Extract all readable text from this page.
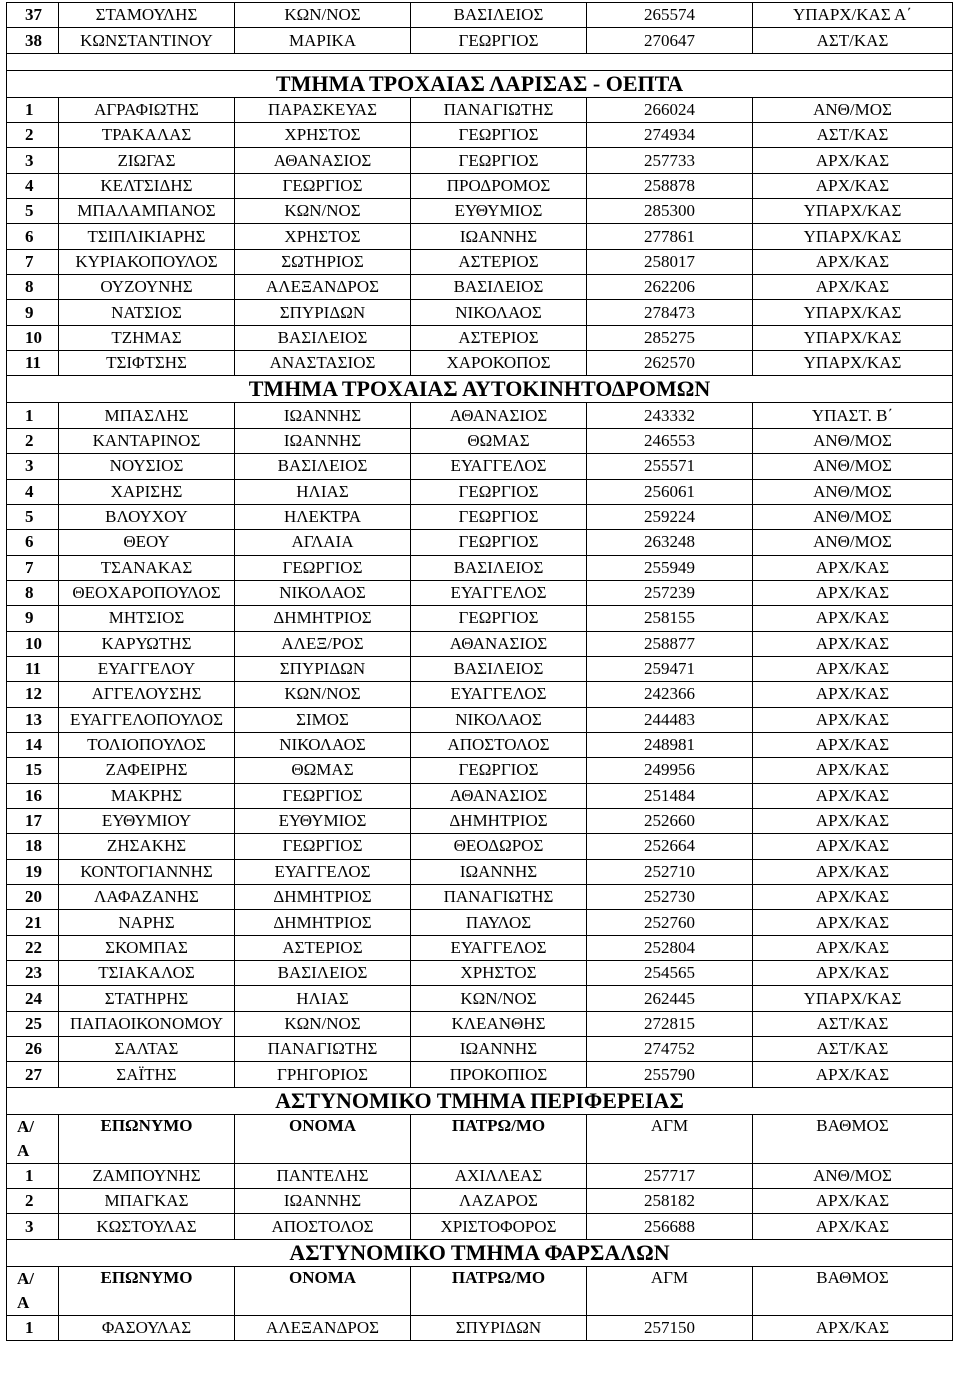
37	ΣΤΑΜΟΥΛΗΣ	ΚΩΝ/ΝΟΣ	ΒΑΣΙΛΕΙΟΣ	265574	ΥΠΑΡΧ/ΚΑΣ Α΄
38	ΚΩΝΣΤΑΝΤΙΝΟΥ	ΜΑΡΙΚΑ	ΓΕΩΡΓΙΟΣ	270647	ΑΣΤ/ΚΑΣ

ΤΜΗΜΑ ΤΡΟΧΑΙΑΣ ΛΑΡΙΣΑΣ - ΟΕΠΤΑ					
1	ΑΓΡΑΦΙΩΤΗΣ	ΠΑΡΑΣΚΕΥΑΣ	ΠΑΝΑΓΙΩΤΗΣ	266024	ΑΝΘ/ΜΟΣ
2	ΤΡΑΚΑΛΑΣ	ΧΡΗΣΤΟΣ	ΓΕΩΡΓΙΟΣ	274934	ΑΣΤ/ΚΑΣ
3	ΖΙΩΓΑΣ	ΑΘΑΝΑΣΙΟΣ	ΓΕΩΡΓΙΟΣ	257733	ΑΡΧ/ΚΑΣ
4	ΚΕΛΤΣΙΔΗΣ	ΓΕΩΡΓΙΟΣ	ΠΡΟΔΡΟΜΟΣ	258878	ΑΡΧ/ΚΑΣ
5	ΜΠΑΛΑΜΠΑΝΟΣ	ΚΩΝ/ΝΟΣ	ΕΥΘΥΜΙΟΣ	285300	ΥΠΑΡΧ/ΚΑΣ
6	ΤΣΙΠΛΙΚΙΑΡΗΣ	ΧΡΗΣΤΟΣ	ΙΩΑΝΝΗΣ	277861	ΥΠΑΡΧ/ΚΑΣ
7	ΚΥΡΙΑΚΟΠΟΥΛΟΣ	ΣΩΤΗΡΙΟΣ	ΑΣΤΕΡΙΟΣ	258017	ΑΡΧ/ΚΑΣ
8	ΟΥΖΟΥΝΗΣ	ΑΛΕΞΑΝΔΡΟΣ	ΒΑΣΙΛΕΙΟΣ	262206	ΑΡΧ/ΚΑΣ
9	ΝΑΤΣΙΟΣ	ΣΠΥΡΙΔΩΝ	ΝΙΚΟΛΑΟΣ	278473	ΥΠΑΡΧ/ΚΑΣ
10	ΤΖΗΜΑΣ	ΒΑΣΙΛΕΙΟΣ	ΑΣΤΕΡΙΟΣ	285275	ΥΠΑΡΧ/ΚΑΣ
11	ΤΣΙΦΤΣΗΣ	ΑΝΑΣΤΑΣΙΟΣ	ΧΑΡΟΚΟΠΟΣ	262570	ΥΠΑΡΧ/ΚΑΣ
ΤΜΗΜΑ ΤΡΟΧΑΙΑΣ ΑΥΤΟΚΙΝΗΤΟΔΡΟΜΩΝ					
1	ΜΠΑΣΛΗΣ	ΙΩΑΝΝΗΣ	ΑΘΑΝΑΣΙΟΣ	243332	ΥΠΑΣΤ. Β΄
2	ΚΑΝΤΑΡΙΝΟΣ	ΙΩΑΝΝΗΣ	ΘΩΜΑΣ	246553	ΑΝΘ/ΜΟΣ
3	ΝΟΥΣΙΟΣ	ΒΑΣΙΛΕΙΟΣ	ΕΥΑΓΓΕΛΟΣ	255571	ΑΝΘ/ΜΟΣ
4	ΧΑΡΙΣΗΣ	ΗΛΙΑΣ	ΓΕΩΡΓΙΟΣ	256061	ΑΝΘ/ΜΟΣ
5	ΒΛΟΥΧΟΥ	ΗΛΕΚΤΡΑ	ΓΕΩΡΓΙΟΣ	259224	ΑΝΘ/ΜΟΣ
6	ΘΕΟΥ	ΑΓΛΑΙΑ	ΓΕΩΡΓΙΟΣ	263248	ΑΝΘ/ΜΟΣ
7	ΤΣΑΝΑΚΑΣ	ΓΕΩΡΓΙΟΣ	ΒΑΣΙΛΕΙΟΣ	255949	ΑΡΧ/ΚΑΣ
8	ΘΕΟΧΑΡΟΠΟΥΛΟΣ	ΝΙΚΟΛΑΟΣ	ΕΥΑΓΓΕΛΟΣ	257239	ΑΡΧ/ΚΑΣ
9	ΜΗΤΣΙΟΣ	ΔΗΜΗΤΡΙΟΣ	ΓΕΩΡΓΙΟΣ	258155	ΑΡΧ/ΚΑΣ
10	ΚΑΡΥΩΤΗΣ	ΑΛΕΞ/ΡΟΣ	ΑΘΑΝΑΣΙΟΣ	258877	ΑΡΧ/ΚΑΣ
11	ΕΥΑΓΓΕΛΟΥ	ΣΠΥΡΙΔΩΝ	ΒΑΣΙΛΕΙΟΣ	259471	ΑΡΧ/ΚΑΣ
12	ΑΓΓΕΛΟΥΣΗΣ	ΚΩΝ/ΝΟΣ	ΕΥΑΓΓΕΛΟΣ	242366	ΑΡΧ/ΚΑΣ
13	ΕΥΑΓΓΕΛΟΠΟΥΛΟΣ	ΣΙΜΟΣ	ΝΙΚΟΛΑΟΣ	244483	ΑΡΧ/ΚΑΣ
14	ΤΟΛΙΟΠΟΥΛΟΣ	ΝΙΚΟΛΑΟΣ	ΑΠΟΣΤΟΛΟΣ	248981	ΑΡΧ/ΚΑΣ
15	ΖΑΦΕΙΡΗΣ	ΘΩΜΑΣ	ΓΕΩΡΓΙΟΣ	249956	ΑΡΧ/ΚΑΣ
16	ΜΑΚΡΗΣ	ΓΕΩΡΓΙΟΣ	ΑΘΑΝΑΣΙΟΣ	251484	ΑΡΧ/ΚΑΣ
17	ΕΥΘΥΜΙΟΥ	ΕΥΘΥΜΙΟΣ	ΔΗΜΗΤΡΙΟΣ	252660	ΑΡΧ/ΚΑΣ
18	ΖΗΣΑΚΗΣ	ΓΕΩΡΓΙΟΣ	ΘΕΟΔΩΡΟΣ	252664	ΑΡΧ/ΚΑΣ
19	ΚΟΝΤΟΓΙΑΝΝΗΣ	ΕΥΑΓΓΕΛΟΣ	ΙΩΑΝΝΗΣ	252710	ΑΡΧ/ΚΑΣ
20	ΛΑΦΑΖΑΝΗΣ	ΔΗΜΗΤΡΙΟΣ	ΠΑΝΑΓΙΩΤΗΣ	252730	ΑΡΧ/ΚΑΣ
21	ΝΑΡΗΣ	ΔΗΜΗΤΡΙΟΣ	ΠΑΥΛΟΣ	252760	ΑΡΧ/ΚΑΣ
22	ΣΚΟΜΠΑΣ	ΑΣΤΕΡΙΟΣ	ΕΥΑΓΓΕΛΟΣ	252804	ΑΡΧ/ΚΑΣ
23	ΤΣΙΑΚΑΛΟΣ	ΒΑΣΙΛΕΙΟΣ	ΧΡΗΣΤΟΣ	254565	ΑΡΧ/ΚΑΣ
24	ΣΤΑΤΗΡΗΣ	ΗΛΙΑΣ	ΚΩΝ/ΝΟΣ	262445	ΥΠΑΡΧ/ΚΑΣ
25	ΠΑΠΑΟΙΚΟΝΟΜΟΥ	ΚΩΝ/ΝΟΣ	ΚΛΕΑΝΘΗΣ	272815	ΑΣΤ/ΚΑΣ
26	ΣΑΛΤΑΣ	ΠΑΝΑΓΙΩΤΗΣ	ΙΩΑΝΝΗΣ	274752	ΑΣΤ/ΚΑΣ
27	ΣΑΪΤΗΣ	ΓΡΗΓΟΡΙΟΣ	ΠΡΟΚΟΠΙΟΣ	255790	ΑΡΧ/ΚΑΣ
ΑΣΤΥΝΟΜΙΚΟ ΤΜΗΜΑ ΠΕΡΙΦΕΡΕΙΑΣ					
Α/
Α	ΕΠΩΝΥΜΟ	ΟΝΟΜΑ	ΠΑΤΡΩ/ΜΟ	ΑΓΜ	ΒΑΘΜΟΣ
1	ΖΑΜΠΟΥΝΗΣ	ΠΑΝΤΕΛΗΣ	ΑΧΙΛΛΕΑΣ	257717	ΑΝΘ/ΜΟΣ
2	ΜΠΑΓΚΑΣ	ΙΩΑΝΝΗΣ	ΛΑΖΑΡΟΣ	258182	ΑΡΧ/ΚΑΣ
3	ΚΩΣΤΟΥΛΑΣ	ΑΠΟΣΤΟΛΟΣ	ΧΡΙΣΤΟΦΟΡΟΣ	256688	ΑΡΧ/ΚΑΣ
ΑΣΤΥΝΟΜΙΚΟ ΤΜΗΜΑ ΦΑΡΣΑΛΩΝ					
Α/
Α	ΕΠΩΝΥΜΟ	ΟΝΟΜΑ	ΠΑΤΡΩ/ΜΟ	ΑΓΜ	ΒΑΘΜΟΣ
1	ΦΑΣΟΥΛΑΣ	ΑΛΕΞΑΝΔΡΟΣ	ΣΠΥΡΙΔΩΝ	257150	ΑΡΧ/ΚΑΣ
